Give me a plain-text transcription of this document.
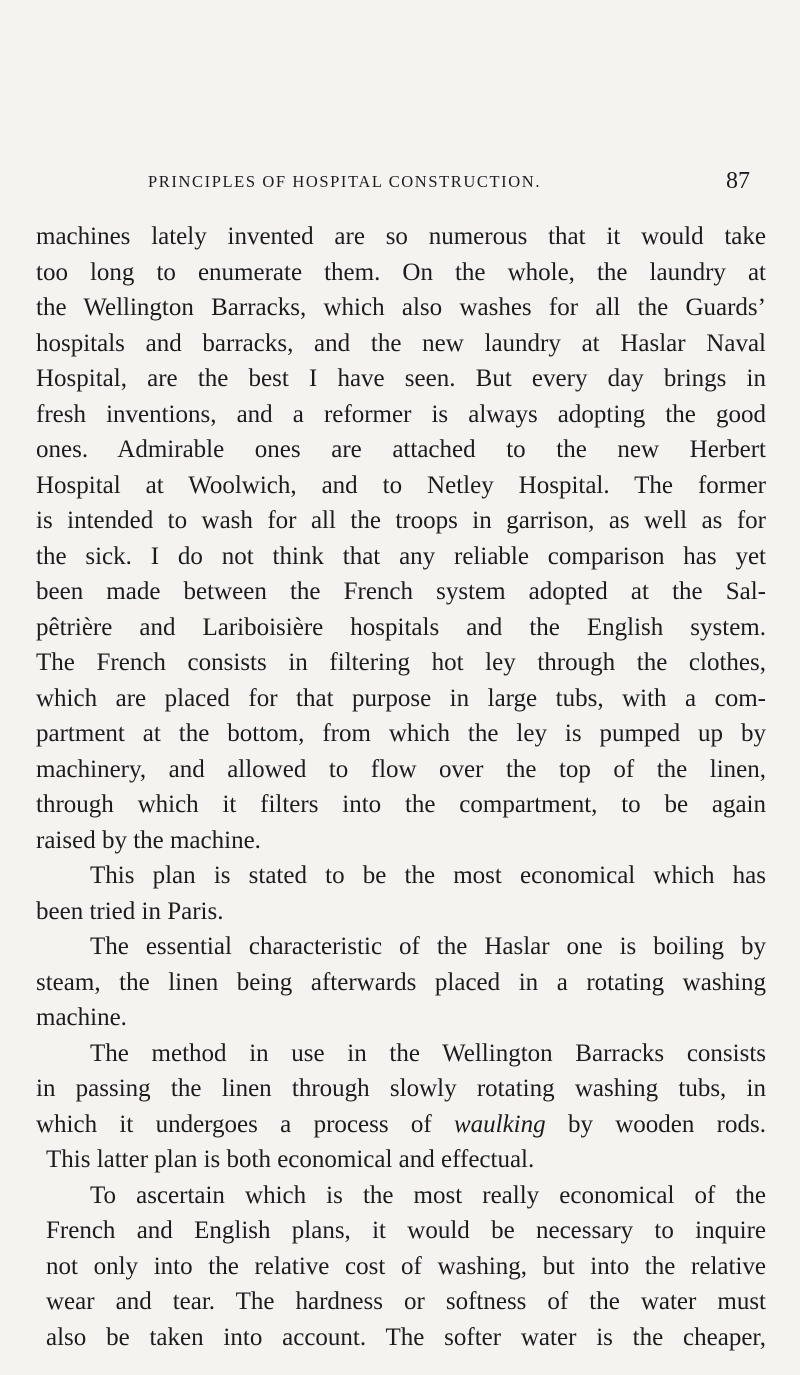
PRINCIPLES OF HOSPITAL CONSTRUCTION.	87
machines lately invented are so numerous that it would take
too long to enumerate them. On the whole, the laundry at
the Wellington Barracks, which also washes for all the Guards’
hospitals and barracks, and the new laundry at Haslar Naval
Hospital, are the best I have seen. But every day brings in
fresh inventions, and a reformer is always adopting the good
ones. Admirable ones are attached to the new Herbert
Hospital at Woolwich, and to Netley Hospital. The former
is intended to wash for all the troops in garrison, as well as for
the sick. I do not think that any reliable comparison has yet
been made between the French system adopted at the Sal-
pêtrière and Lariboisière hospitals and the English system.
The French consists in filtering hot ley through the clothes,
which are placed for that purpose in large tubs, with a com-
partment at the bottom, from which the ley is pumped up by
machinery, and allowed to flow over the top of the linen,
through which it filters into the compartment, to be again
raised by the machine.
This plan is stated to be the most economical which has
been tried in Paris.
The essential characteristic of the Haslar one is boiling by
steam, the linen being afterwards placed in a rotating washing
machine.
The method in use in the Wellington Barracks consists
in passing the linen through slowly rotating washing tubs, in
which it undergoes a process of waulking by wooden rods.
This latter plan is both economical and effectual.
To ascertain which is the most really economical of the
French and English plans, it would be necessary to inquire
not only into the relative cost of washing, but into the relative
wear and tear. The hardness or softness of the water must
also be taken into account. The softer water is the cheaper,
